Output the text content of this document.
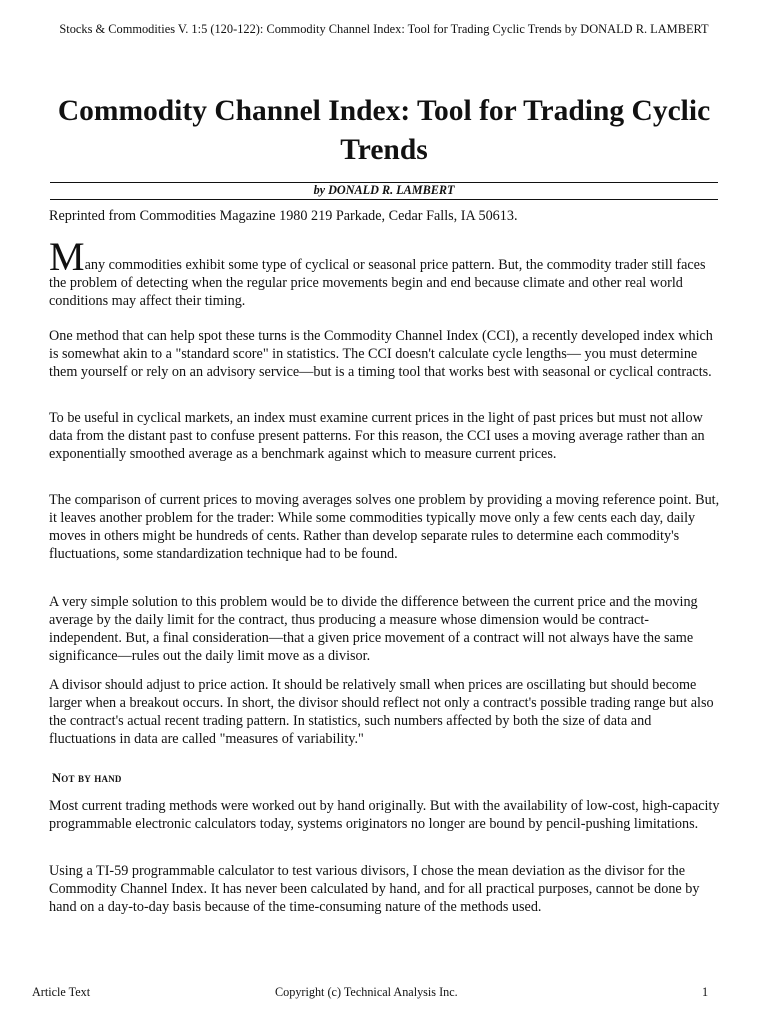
Stocks & Commodities V. 1:5 (120-122): Commodity Channel Index: Tool for Trading Cyclic Trends by DONALD R. LAMBERT
Commodity Channel Index: Tool for Trading Cyclic Trends
by DONALD R. LAMBERT

Reprinted from Commodities Magazine 1980 219 Parkade, Cedar Falls, IA 50613.

Many commodities exhibit some type of cyclical or seasonal price pattern. But, the commodity trader still faces the problem of detecting when the regular price movements begin and end because climate and other real world conditions may affect their timing.

One method that can help spot these turns is the Commodity Channel Index (CCI), a recently developed index which is somewhat akin to a "standard score" in statistics. The CCI doesn't calculate cycle lengths— you must determine them yourself or rely on an advisory service—but is a timing tool that works best with seasonal or cyclical contracts.

To be useful in cyclical markets, an index must examine current prices in the light of past prices but must not allow data from the distant past to confuse present patterns. For this reason, the CCI uses a moving average rather than an exponentially smoothed average as a benchmark against which to measure current prices.

The comparison of current prices to moving averages solves one problem by providing a moving reference point. But, it leaves another problem for the trader: While some commodities typically move only a few cents each day, daily moves in others might be hundreds of cents. Rather than develop separate rules to determine each commodity's fluctuations, some standardization technique had to be found.

A very simple solution to this problem would be to divide the difference between the current price and the moving average by the daily limit for the contract, thus producing a measure whose dimension would be contract-independent. But, a final consideration—that a given price movement of a contract will not always have the same significance—rules out the daily limit move as a divisor.

A divisor should adjust to price action. It should be relatively small when prices are oscillating but should become larger when a breakout occurs. In short, the divisor should reflect not only a contract's possible trading range but also the contract's actual recent trading pattern. In statistics, such numbers affected by both the size of data and fluctuations in data are called "measures of variability."

Most current trading methods were worked out by hand originally. But with the availability of low-cost, high-capacity programmable electronic calculators today, systems originators no longer are bound by pencil-pushing limitations.

Using a TI-59 programmable calculator to test various divisors, I chose the mean deviation as the divisor for the Commodity Channel Index. It has never been calculated by hand, and for all practical purposes, cannot be done by hand on a day-to-day basis because of the time-consuming nature of the methods used.

Not by hand
Article Text	Copyright (c) Technical Analysis Inc.	1
